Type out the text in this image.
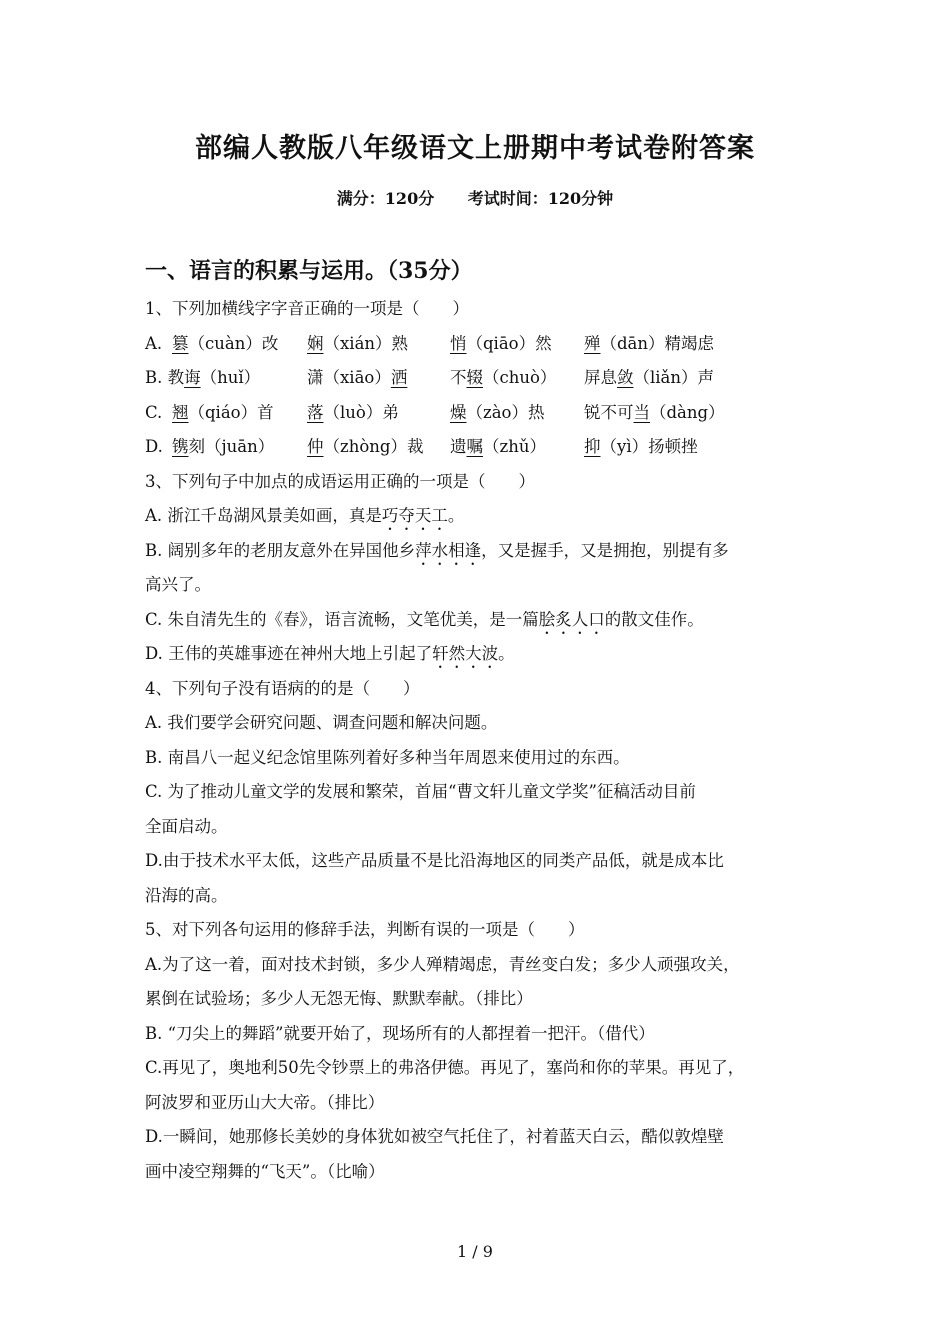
部编人教版八年级语文上册期中考试卷附答案
满分：120分 考试时间：120分钟
一、语言的积累与运用。（35分）
1、下列加横线字字音正确的一项是（　　）
A. 篡（cuàn）改 娴（xián）熟	悄（qiāo）然 殚（dān）精竭虑
B. 教诲（huǐ）	潇（xiāo）洒	不辍（chuò） 屏息敛（liǎn）声
C. 翘（qiáo）首 落（luò）弟	燥（zào）热 锐不可当（dàng）
D. 镌刻（juān） 仲（zhòng）裁 遗嘱（zhǔ） 抑（yì）扬顿挫
3、下列句子中加点的成语运用正确的一项是（　　）
A. 浙江千岛湖风景美如画，真是巧夺天工。
B. 阔别多年的老朋友意外在异国他乡萍水相逢，又是握手，又是拥抱，别提有多
高兴了。
C. 朱自清先生的《春》，语言流畅，文笔优美，是一篇脍炙人口的散文佳作。
D. 王伟的英雄事迹在神州大地上引起了轩然大波。
4、下列句子没有语病的的是（　　）
A. 我们要学会研究问题、调查问题和解决问题。
B. 南昌八一起义纪念馆里陈列着好多种当年周恩来使用过的东西。
C. 为了推动儿童文学的发展和繁荣，首届“曹文轩儿童文学奖”征稿活动目前
全面启动。
D.由于技术水平太低，这些产品质量不是比沿海地区的同类产品低，就是成本比
沿海的高。
5、对下列各句运用的修辞手法，判断有误的一项是（　　）
A.为了这一着，面对技术封锁，多少人殚精竭虑，青丝变白发；多少人顽强攻关，
累倒在试验场；多少人无怨无悔、默默奉献。（排比）
B. “刀尖上的舞蹈”就要开始了，现场所有的人都捏着一把汗。（借代）
C.再见了，奥地利50先令钞票上的弗洛伊德。再见了，塞尚和你的苹果。再见了，
阿波罗和亚历山大大帝。（排比）
D.一瞬间，她那修长美妙的身体犹如被空气托住了，衬着蓝天白云，酷似敦煌壁
画中凌空翔舞的“飞天”。（比喻）
1 / 9
